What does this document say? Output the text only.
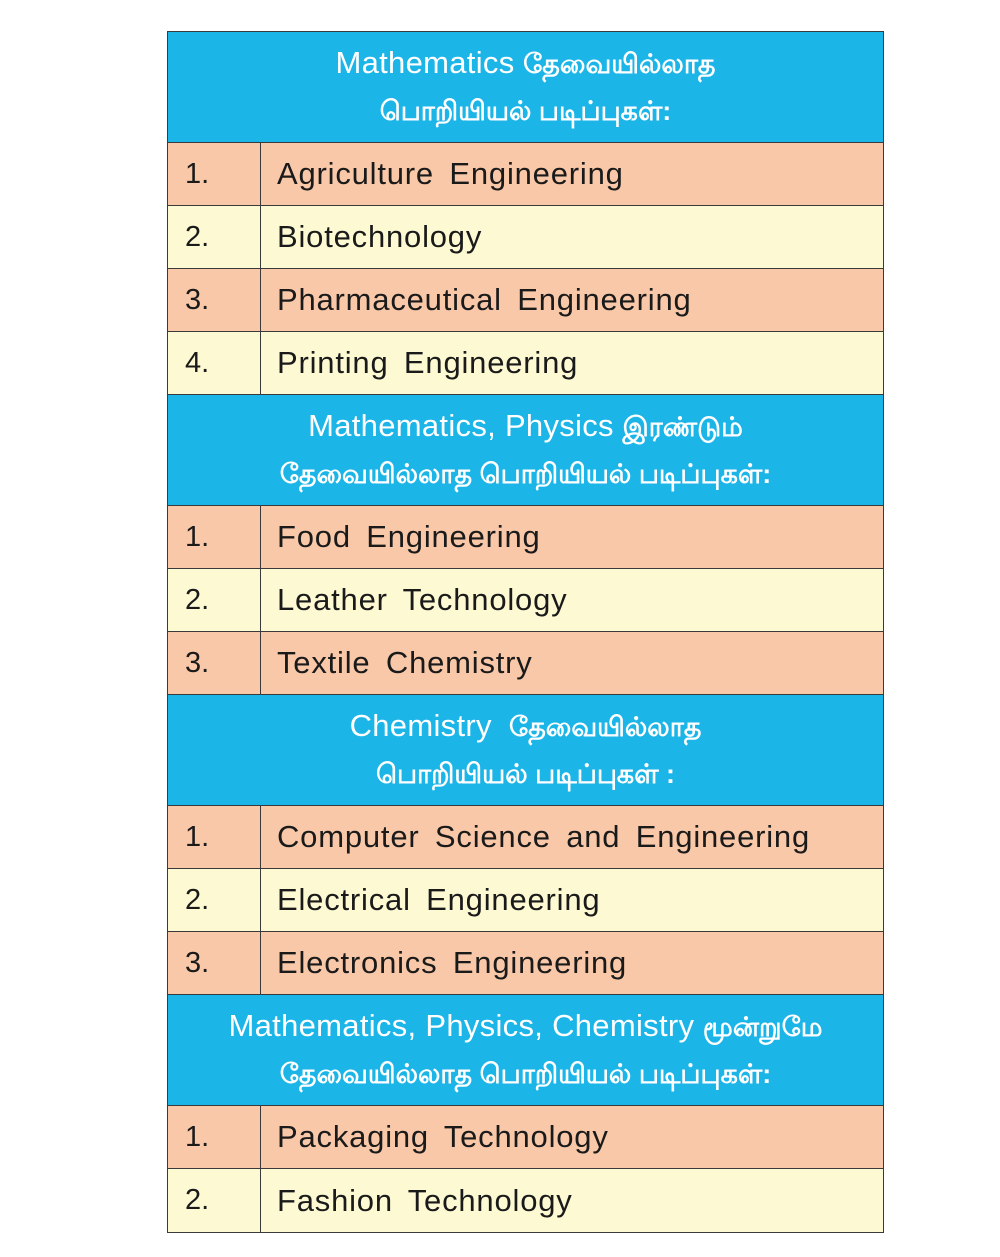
Mathematics தேவையில்லாத
பொறியியல் படிப்புகள்:
1.	Agriculture Engineering
2.	Biotechnology
3.	Pharmaceutical Engineering
4.	Printing Engineering
Mathematics, Physics இரண்டும்
தேவையில்லாத பொறியியல் படிப்புகள்:
1.	Food Engineering
2.	Leather Technology
3.	Textile Chemistry
Chemistry தேவையில்லாத
பொறியியல் படிப்புகள் :
1.	Computer Science and Engineering
2.	Electrical Engineering
3.	Electronics Engineering
Mathematics, Physics, Chemistry மூன்றுமே
தேவையில்லாத பொறியியல் படிப்புகள்:
1.	Packaging Technology
2.	Fashion Technology
